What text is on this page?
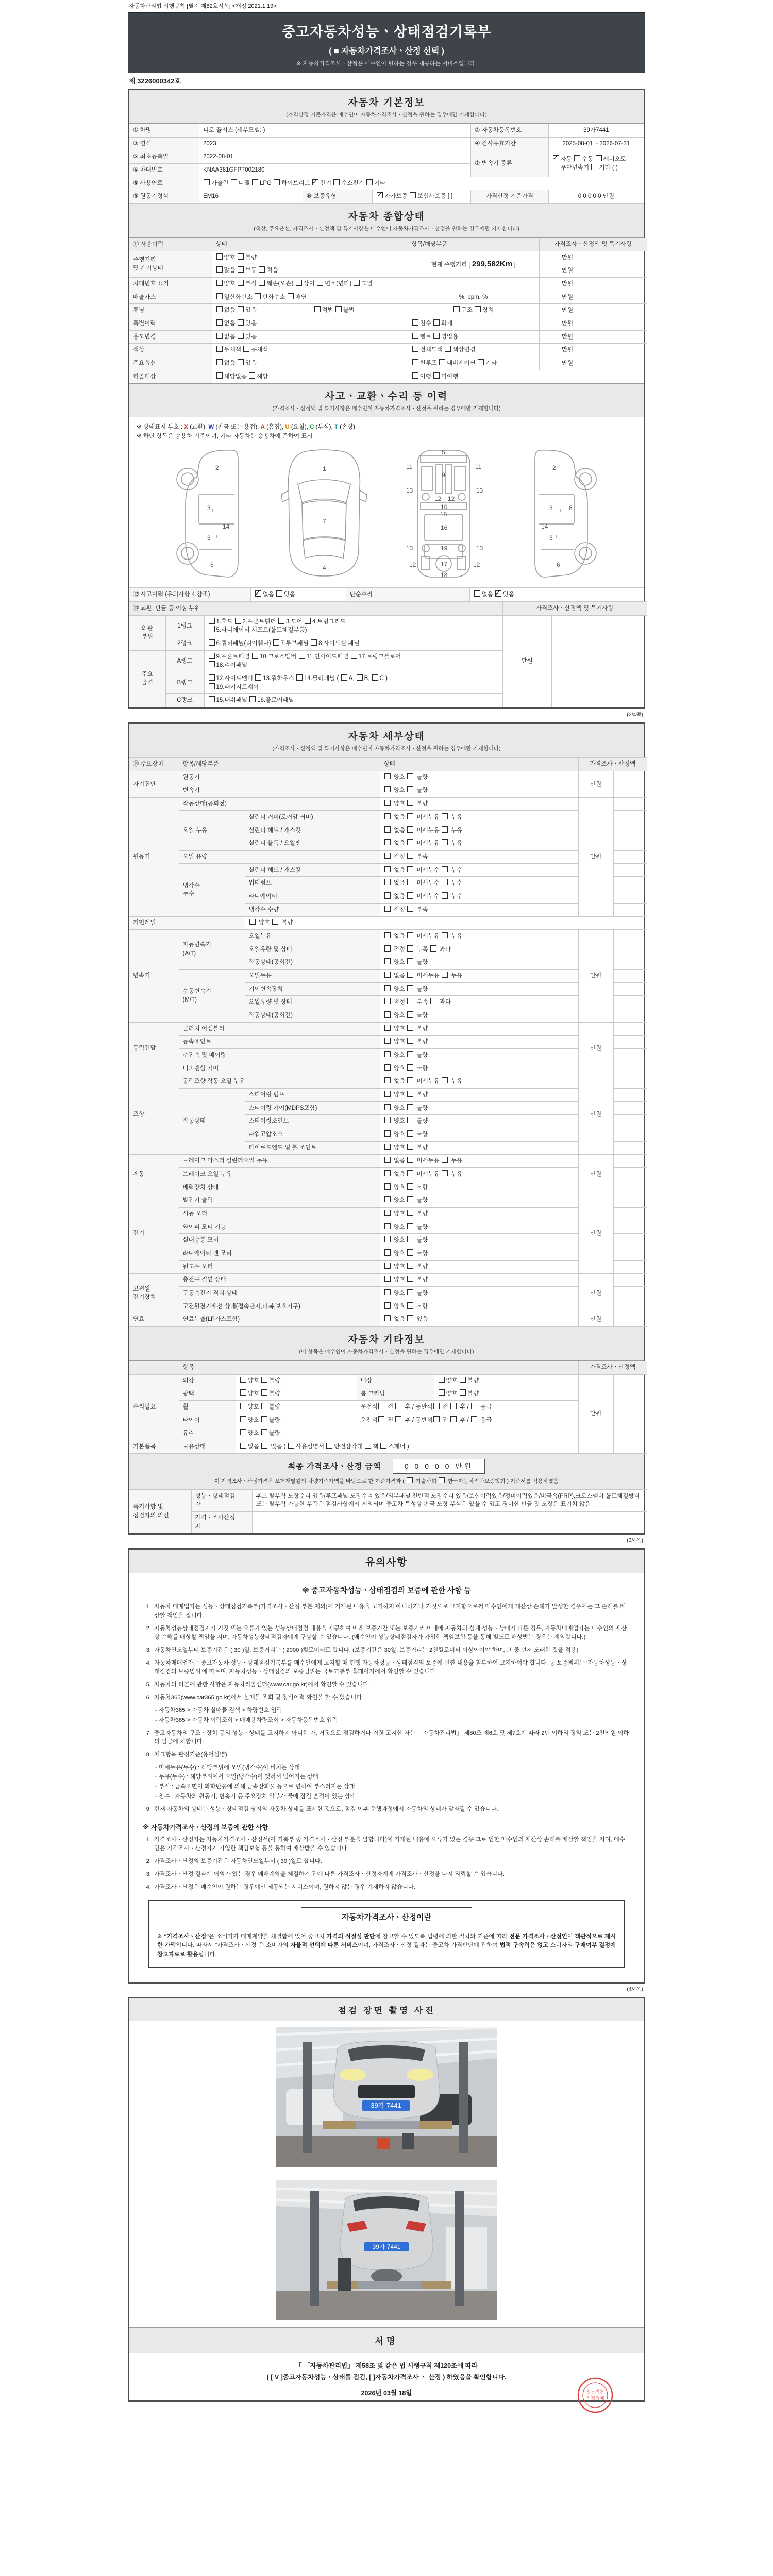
자동차관리법 시행규칙 [별지 제82호서식] <개정 2021.1.19>
중고자동차성능ㆍ상태점검기록부
( ■ 자동차가격조사ㆍ산정 선택 )
※ 자동차가격조사ㆍ산정은 매수인이 원하는 경우 제공하는 서비스입니다.
제 3226000342호
자동차 기본정보
(가격산정 기준가격은 매수인이 자동차가격조사ㆍ산정을 원하는 경우에만 기재합니다)
① 차명	니로 플러스 (세부모델: )			② 자동차등록번호	39가7441
③ 연식	2023			④ 검사유효기간	2025-08-01 ~ 2026-07-31
⑤ 최초등록일	2022-08-01			⑦ 변속기 종류	✓자동 수동 세미오토
무단변속기 기타 ( )
⑥ 차대번호	KNAA381GFPT002180				
⑧ 사용연료	가솔린 디젤 LPG 하이브리드 ✓전기 수소전기 기타
⑨ 원동기형식	EM16	⑩ 보증유형	✓자가보증 보험사보증 [ ]	가격산정 기준가격	0 0 0 0 0 만원
자동차 종합상태
(색상, 주요옵션, 가격조사ㆍ산정액 및 특기사항은 매수인이 자동차가격조사ㆍ산정을 원하는 경우에만 기재합니다)
⑪ 사용이력	상태		항목/해당부품	가격조사ㆍ산정액 및 특기사항	
주행거리
및 계기상태	양호 불량		현재 주행거리 [ 299,582Km ]	만원	
	많음 보통 적음			만원	
차대번호 표기	양호 부식 훼손(오손) 상이 변조(변타) 도말			만원	
배출가스	일산화탄소 탄화수소 매연		%, ppm, %	만원	
튜닝	없음 있음	적법 불법	구조 장치	만원	
특별이력	없음 있음		침수 화재	만원	
용도변경	없음 있음		렌트 영업용	만원	
색상	무채색 유채색		전체도색 색상변경	만원	
주요옵션	없음 있음		썬루프 네비게이션 기타	만원	
리콜대상	해당없음 해당		이행 미이행		
사고ㆍ교환ㆍ수리 등 이력
(가격조사ㆍ산정액 및 특기사항은 매수인이 자동차가격조사ㆍ산정을 원하는 경우에만 기재합니다)
※ 상태표시 부호 : X (교환), W (판금 또는 용접), A (흠집), U (요철), C (부식), T (손상)
※ 하단 항목은 승용차 기준이며, 기타 자동차는 승용차에 준하여 표시
2
3
14
3
6
1
7
4
5
9
11	11
13	13
12 12
10
15
16
19
13	13
12	12
17
18
2
3	8
14
3
6
⑫ 사고이력 (유의사항 4.참조)	✓없음 있음	단순수리	없음 ✓있음
⑬ 교환, 판금 등 이상 부위			가격조사ㆍ산정액 및 특기사항	
외판
부위	1랭크	1.후드 2.프론트휀더 3.도어 4.트렁크리드
5.라디에이터 서포트(볼트체결부품)	만원	
	2랭크	6.쿼터패널(리어휀다) 7.루브패널 8.사이드실 패널		
주요
골격	A랭크	9.프론트패널 10.크로스멤버 11.인사이드패널 17.트렁크플로어
18.리어패널		
	B랭크	12.사이드멤버 13.휠하우스 14.필러패널 ( A, B, C )
19.패키지트레이		
	C랭크	15.대쉬패널 16.플로어패널		
(2/4쪽)
자동차 세부상태
(가격조사ㆍ산정액 및 특기사항은 매수인이 자동차가격조사ㆍ산정을 원하는 경우에만 기재합니다)
⑭ 주요장치	항목/해당부품		상태	가격조사ㆍ산정액	
자기진단	원동기		양호  불량	만원	
	변속기		양호  불량		
원동기	작동상태(공회전)		양호  불량	만원	
	오일 누유	실린더 커버(로커암 커버)	없음  미세누유  누유		
		실린더 헤드 / 개스킷	없음  미세누유  누유		
		실린더 블록 / 오일팬	없음  미세누유  누유		
	오일 유량		적정  부족		
	냉각수
누수	실린더 헤드 / 개스킷	없음  미세누수  누수		
		워터펌프	없음  미세누수  누수		
		라디에이터	없음  미세누수  누수		
		냉각수 수량	적정  부족		
커먼레일		양호  불량			
변속기	자동변속기
(A/T)	오일누유	없음  미세누유  누유	만원	
		오일유량 및 상태	적정  부족  과다		
		작동상태(공회전)	양호  불량		
	수동변속기
(M/T)	오일누유	없음  미세누유  누유		
		기어변속장치	양호  불량		
		오일유량 및 상태	적정  부족  과다		
		작동상태(공회전)	양호  불량		
동력전달	클러치 어셈블리		양호  불량	만원	
	등속죠인트		양호  불량		
	추진축 및 베어링		양호  불량		
	디퍼렌셜 기어		양호  불량		
조향	동력조향 작동 오일 누유		없음  미세누유  누유	만원	
	작동상태	스티어링 펌프	양호  불량		
		스티어링 기어(MDPS포함)	양호  불량		
		스티어링조인트	양호  불량		
		파워고압호스	양호  불량		
		타이로드엔드 및 볼 조인트	양호  불량		
제동	브레이크 마스터 실린더오일 누유		없음  미세누유  누유	만원	
	브레이크 오일 누유		없음  미세누유  누유		
	배력장치 상태		양호  불량		
전기	발전기 출력		양호  불량	만원	
	시동 모터		양호  불량		
	와이퍼 모터 기능		양호  불량		
	실내송풍 모터		양호  불량		
	라디에이터 팬 모터		양호  불량		
	윈도우 모터		양호  불량		
고전원
전기장치	충전구 절연 상태		양호  불량	만원	
	구동축전지 격리 상태		양호  불량		
	고전원전기배선 상태(접속단자,피복,보호기구)		양호  불량		
연료	연료누출(LP가스포함)		없음  있음	만원	
자동차 기타정보
(이 항목은 매수인이 자동차가격조사ㆍ산정을 원하는 경우에만 기재합니다)
	항목				가격조사ㆍ산정액	
수리필요	외장	양호 불량	내장	양호 불량	만원	
	광택	양호 불량	룸 크리닝	양호 불량		
	휠	양호 불량	운전석 전  후 / 동반석 전  후 /  응급			
	타이어	양호 불량	운전석 전  후 / 동반석 전  후 /  응급			
	유리	양호 불량				
기본품목	보유상태	없음  있음 ( 사용설명서 안전삼각대 잭 스패너 )				
최종 가격조사ㆍ산정 금액	0 0 0 0 0 만원
이 가격조사ㆍ산정가격은 보험개발원의 차량기준가액을 바탕으로 한 기준가격과 (  기술사회  한국자동차진단보증협회 ) 기준서를 적용하였음
특기사항 및
점검자의 의견	성능ㆍ상태점검
자	후드 탈부착 도장수리 있음/루프패널 도장수리 있음/외부패널 전반적 도장수리 있음/보험이력있음/정비이력있음/비금속(FRP),크로스멤버 볼트체결방식 또는 탈부착 가능한 부품은 점검사항에서 제외되며 중고차 특성상 판금 도장 부식은 있을 수 있고 경미한 판금 및 도장은 표기치 않음
	가격ㆍ조사산정
자	

(3/4쪽)
유의사항
※ 중고자동차성능ㆍ상태점검의 보증에 관한 사항 등
1. 자동차 매매업자는 성능ㆍ상태점검기록부(가격조사ㆍ산정 부분 제외)에 기재된 내용을 고지하지 아니하거나 거짓으로 고지함으로써 매수인에게 재산상 손해가 발생한 경우에는 그 손해를 배상할 책임을 집니다.
2. 자동차성능상태점검자가 거짓 또는 오류가 있는 성능상태점검 내용을 제공하여 아래 보증기간 또는 보증거리 이내에 자동차의 실제 성능ㆍ상태가 다른 경우, 자동차매매업자는 매수인의 재산상 손해를 배상할 책임을 지며, 자동차성능상태점검자에게 구상할 수 있습니다. (매수인이 성능상태점검자가 가입한 책임보험 등을 통해 별도로 배상받는 경우는 제외합니다.)
3. 자동차인도일부터 보증기간은 ( 30 )일, 보증거리는 ( 2000 )킬로미터로 합니다. (보증기간은 30일, 보증거리는 2천킬로미터 이상이어야 하며, 그 중 먼저 도래한 것을 적용)
4. 자동차매매업자는 중고자동차 성능ㆍ상태점검기록부를 매수인에게 고지할 때 현행 자동차성능ㆍ상태점검의 보증에 관한 내용을 첨부하여 고지하여야 합니다. 동 보증범위는 '자동차성능ㆍ상태점검의 보증범위'에 따르며, 자동차성능ㆍ상태점검의 보증범위는 국토교통부 홈페이지에서 확인할 수 있습니다.
5. 자동차의 리콜에 관한 사항은 자동차리콜센터(www.car.go.kr)에서 확인할 수 있습니다.
6. 자동차365(www.car365.go.kr)에서 실매물 조회 및 정비이력 확인을 할 수 있습니다.
- 자동차365 > 자동차 실매물 검색 > 차량번호 입력
- 자동차365 > 자동차 이력조회 > 매매용차량조회 > 자동차등록번호 입력
7. 중고자동차의 구조ㆍ장치 등의 성능ㆍ상태를 고지하지 아니한 자, 거짓으로 점검하거나 거짓 고지한 자는 「자동차관리법」 제80조 제6호 및 제7호에 따라 2년 이하의 징역 또는 2천만원 이하의 벌금에 처합니다.
8. 체크항목 판정기준(용어설명)
- 미세누유(누수) : 해당부위에 오일(냉각수)이 비치는 상태
- 누유(누수) : 해당부위에서 오일(냉각수)이 맺혀서 떨어지는 상태
- 부식 : 금속표면이 화학반응에 의해 금속산화물 등으로 변하여 부스러지는 상태
- 침수 : 자동차의 원동기, 변속기 등 주요장치 일부가 물에 잠긴 흔적이 있는 상태
9. 현재 자동차의 상태는 성능ㆍ상태점검 당시의 자동차 상태를 표시한 것으로, 점검 이후 운행과정에서 자동차의 상태가 달라질 수 있습니다.
※ 자동차가격조사ㆍ산정의 보증에 관한 사항
1. 가격조사ㆍ산정자는 자동차가격조사ㆍ산정서(이 기록부 중 가격조사ㆍ산정 부분을 말합니다)에 기재된 내용에 오류가 있는 경우 그로 인한 매수인의 재산상 손해를 배상할 책임을 지며, 매수인은 가격조사ㆍ산정자가 가입한 책임보험 등을 통하여 배상받을 수 있습니다.
2. 가격조사ㆍ산정의 보증기간은 자동차인도일부터 ( 30 )일로 합니다.
3. 가격조사ㆍ산정 결과에 이의가 있는 경우 매매계약을 체결하기 전에 다른 가격조사ㆍ산정자에게 가격조사ㆍ산정을 다시 의뢰할 수 있습니다.
4. 가격조사ㆍ산정은 매수인이 원하는 경우에만 제공되는 서비스이며, 원하지 않는 경우 기재하지 않습니다.
자동차가격조사ㆍ산정이란
※ "가격조사ㆍ산정"은 소비자가 매매계약을 체결함에 있어 중고차 가격의 적절성 판단에 참고할 수 있도록 법령에 의한 절차와 기준에 따라 전문 가격조사ㆍ산정인이 객관적으로 제시한 가액입니다. 따라서 "가격조사ㆍ산정"은 소비자의 자율적 선택에 따른 서비스이며, 가격조사ㆍ산정 결과는 중고차 가격판단에 관하여 법적 구속력은 없고 소비자의 구매여부 결정에 참고자료로 활용됩니다.
(4/4쪽)
점검 장면 촬영 사진
39가 7441
39가 7441
서명
「 「자동차관리법」 제58조 및 같은 법 시행규칙 제120조에 따라
( [ V ]중고자동차성능ㆍ상태를 점검, [ ]자동차가격조사 ㆍ 산정 ) 하였음을 확인합니다.
2026년 03월 18일	성능점검
지정업체
